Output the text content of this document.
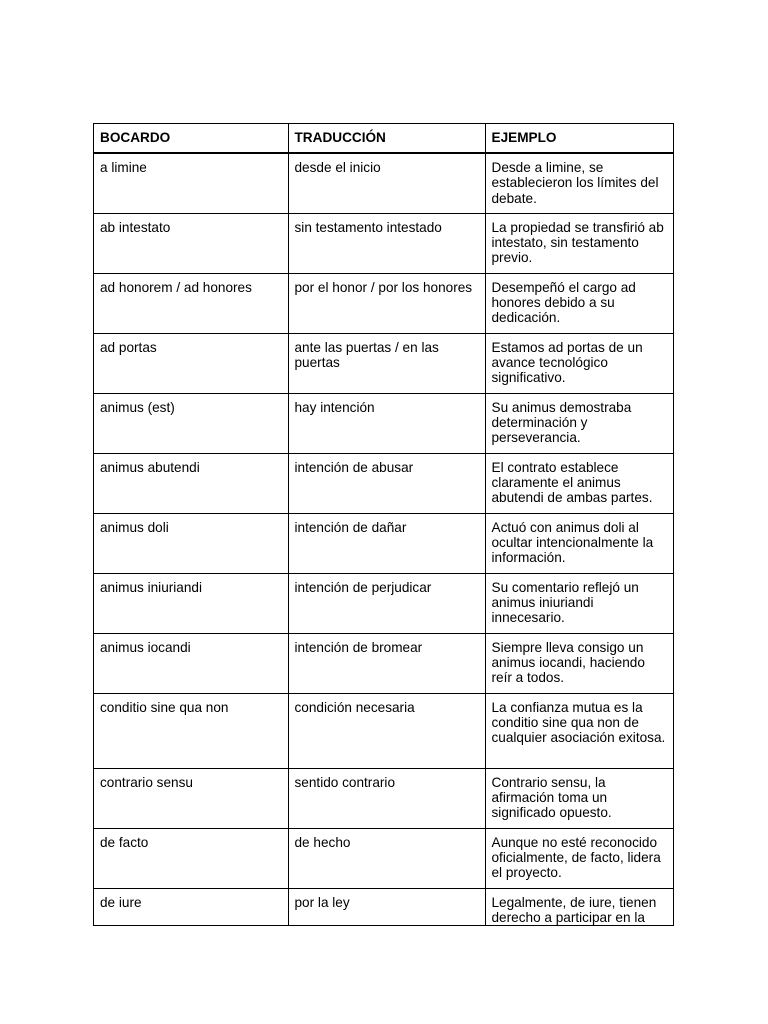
BOCARDO	TRADUCCIÓN	EJEMPLO
a limine	desde el inicio	Desde a limine, se establecieron los límites del debate.
ab intestato	sin testamento intestado	La propiedad se transfirió ab intestato, sin testamento previo.
ad honorem / ad honores	por el honor / por los honores	Desempeñó el cargo ad honores debido a su dedicación.
ad portas	ante las puertas / en las puertas	Estamos ad portas de un avance tecnológico significativo.
animus (est)	hay intención	Su animus demostraba determinación y perseverancia.
animus abutendi	intención de abusar	El contrato establece claramente el animus abutendi de ambas partes.
animus doli	intención de dañar	Actuó con animus doli al ocultar intencionalmente la información.
animus iniuriandi	intención de perjudicar	Su comentario reflejó un animus iniuriandi innecesario.
animus iocandi	intención de bromear	Siempre lleva consigo un animus iocandi, haciendo reír a todos.
conditio sine qua non	condición necesaria	La confianza mutua es la conditio sine qua non de cualquier asociación exitosa.
contrario sensu	sentido contrario	Contrario sensu, la afirmación toma un significado opuesto.
de facto	de hecho	Aunque no esté reconocido oficialmente, de facto, lidera el proyecto.
de iure	por la ley	Legalmente, de iure, tienen derecho a participar en la
